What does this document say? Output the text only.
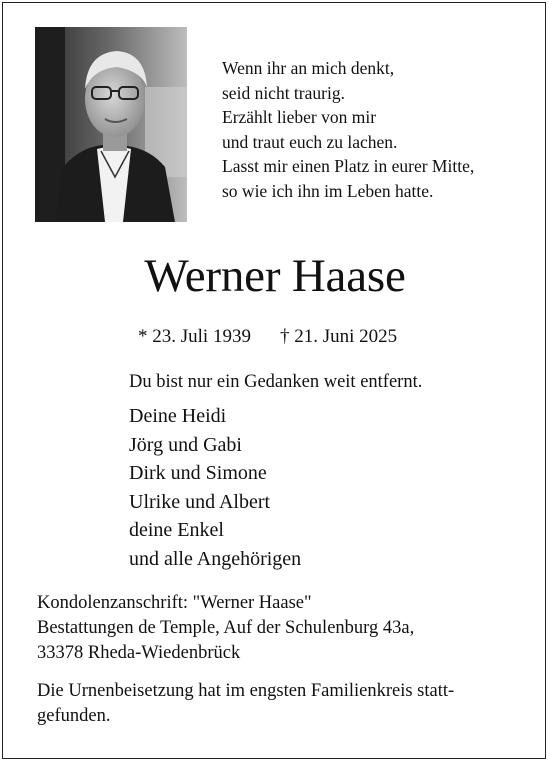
Wenn ihr an mich denkt,
seid nicht traurig.
Erzählt lieber von mir
und traut euch zu lachen.
Lasst mir einen Platz in eurer Mitte,
so wie ich ihn im Leben hatte.
Werner Haase
* 23. Juli 1939 † 21. Juni 2025
Du bist nur ein Gedanken weit entfernt.
Deine Heidi
Jörg und Gabi
Dirk und Simone
Ulrike und Albert
deine Enkel
und alle Angehörigen
Kondolenzanschrift: "Werner Haase"
Bestattungen de Temple, Auf der Schulenburg 43a,
33378 Rheda-Wiedenbrück
Die Urnenbeisetzung hat im engsten Familienkreis statt-
gefunden.
